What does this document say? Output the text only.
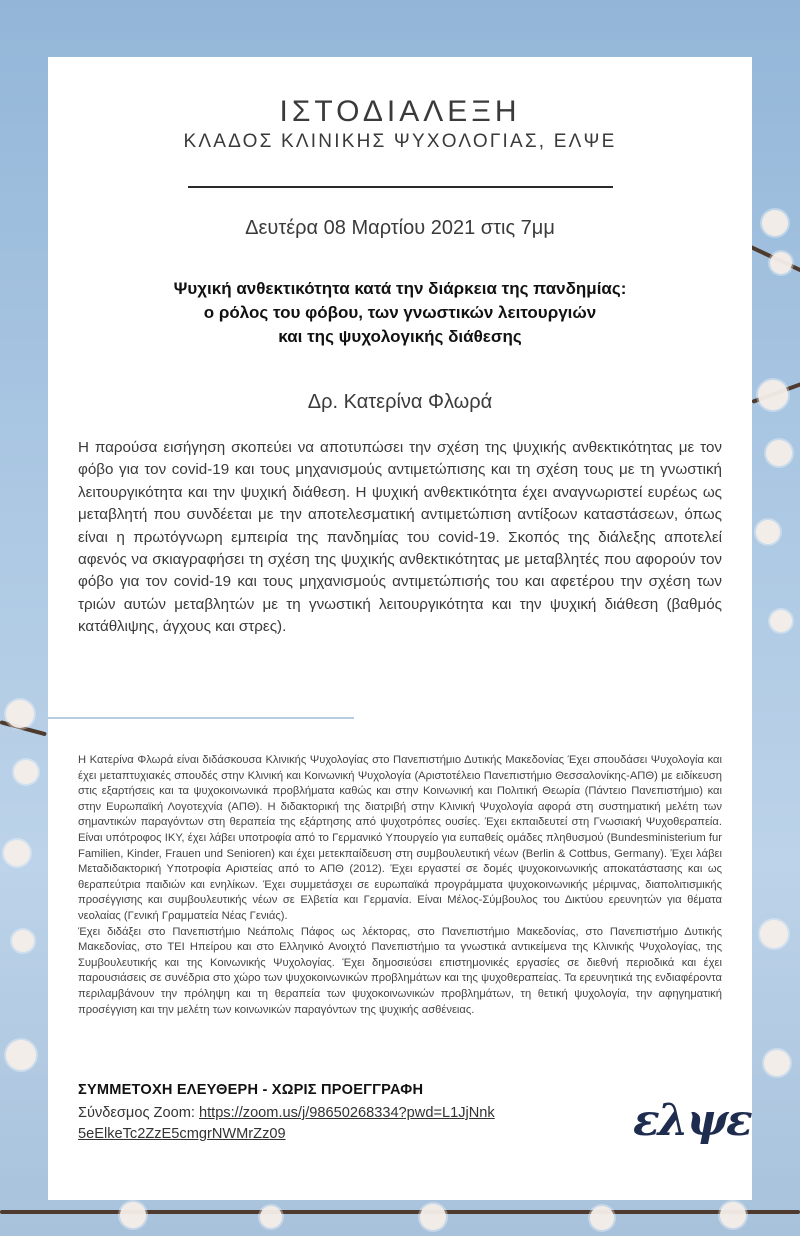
ΙΣΤΟΔΙΑΛΕΞΗ
ΚΛΑΔΟΣ ΚΛΙΝΙΚΗΣ ΨΥΧΟΛΟΓΙΑΣ, ΕΛΨΕ
Δευτέρα 08 Μαρτίου 2021 στις 7μμ
Ψυχική ανθεκτικότητα κατά την διάρκεια της πανδημίας:
ο ρόλος του φόβου, των γνωστικών λειτουργιών
και της ψυχολογικής διάθεσης
Δρ. Κατερίνα Φλωρά
Η παρούσα εισήγηση σκοπεύει να αποτυπώσει την σχέση της ψυχικής ανθεκτικότητας με τον φόβο για τον covid-19 και τους μηχανισμούς αντιμετώπισης και τη σχέση τους με τη γνωστική λειτουργικότητα και την ψυχική διάθεση. Η ψυχική ανθεκτικότητα έχει αναγνωριστεί ευρέως ως μεταβλητή που συνδέεται με την αποτελεσματική αντιμετώπιση αντίξοων καταστάσεων, όπως είναι η πρωτόγνωρη εμπειρία της πανδημίας του covid-19. Σκοπός της διάλεξης αποτελεί αφενός να σκιαγραφήσει τη σχέση της ψυχικής ανθεκτικότητας με μεταβλητές που αφορούν τον φόβο για τον covid-19 και τους μηχανισμούς αντιμετώπισής του και αφετέρου την σχέση των τριών αυτών μεταβλητών με τη γνωστική λειτουργικότητα και την ψυχική διάθεση (βαθμός κατάθλιψης, άγχους και στρες).

Η Κατερίνα Φλωρά είναι διδάσκουσα Κλινικής Ψυχολογίας στο Πανεπιστήμιο Δυτικής Μακεδονίας Έχει σπουδάσει Ψυχολογία και έχει μεταπτυχιακές σπουδές στην Κλινική και Κοινωνική Ψυχολογία (Αριστοτέλειο Πανεπιστήμιο Θεσσαλονίκης-ΑΠΘ) με ειδίκευση στις εξαρτήσεις και τα ψυχοκοινωνικά προβλήματα καθώς και στην Κοινωνική και Πολιτική Θεωρία (Πάντειο Πανεπιστήμιο) και στην Ευρωπαϊκή Λογοτεχνία (ΑΠΘ). Η διδακτορική της διατριβή στην Κλινική Ψυχολογία αφορά στη συστηματική μελέτη των σημαντικών παραγόντων στη θεραπεία της εξάρτησης από ψυχοτρόπες ουσίες. Έχει εκπαιδευτεί στη Γνωσιακή Ψυχοθεραπεία. Είναι υπότροφος ΙΚΥ, έχει λάβει υποτροφία από το Γερμανικό Υπουργείο για ευπαθείς ομάδες πληθυσμού (Bundesministerium fur Familien, Kinder, Frauen und Senioren) και έχει μετεκπαίδευση στη συμβουλευτική νέων (Berlin & Cottbus, Germany). Έχει λάβει Μεταδιδακτορική Υποτροφία Αριστείας από το ΑΠΘ (2012). Έχει εργαστεί σε δομές ψυχοκοινωνικής αποκατάστασης και ως θεραπεύτρια παιδιών και ενηλίκων. Έχει συμμετάσχει σε ευρωπαϊκά προγράμματα ψυχοκοινωνικής μέριμνας, διαπολιτισμικής προσέγγισης και συμβουλευτικής νέων σε Ελβετία και Γερμανία. Είναι Μέλος-Σύμβουλος του Δικτύου ερευνητών για θέματα νεολαίας (Γενική Γραμματεία Νέας Γενιάς).

Έχει διδάξει στο Πανεπιστήμιο Νεάπολις Πάφος ως λέκτορας, στο Πανεπιστήμιο Μακεδονίας, στο Πανεπιστήμιο Δυτικής Μακεδονίας, στο ΤΕΙ Ηπείρου και στο Ελληνικό Ανοιχτό Πανεπιστήμιο τα γνωστικά αντικείμενα της Κλινικής Ψυχολογίας, της Συμβουλευτικής και της Κοινωνικής Ψυχολογίας. Έχει δημοσιεύσει επιστημονικές εργασίες σε διεθνή περιοδικά και έχει παρουσιάσεις σε συνέδρια στο χώρο των ψυχοκοινωνικών προβλημάτων και της ψυχοθεραπείας. Τα ερευνητικά της ενδιαφέροντα περιλαμβάνουν την πρόληψη και τη θεραπεία των ψυχοκοινωνικών προβλημάτων, τη θετική ψυχολογία, την αφηγηματική προσέγγιση και την μελέτη των κοινωνικών παραγόντων της ψυχικής ασθένειας.

ΣΥΜΜΕΤΟΧΗ ΕΛΕΥΘΕΡΗ - ΧΩΡΙΣ ΠΡΟΕΓΓΡΑΦΗ
Σύνδεσμος Zoom: https://zoom.us/j/98650268334?pwd=L1JjNnk5eElkeTc2ZzE5cmgrNWMrZz09	ελψε
